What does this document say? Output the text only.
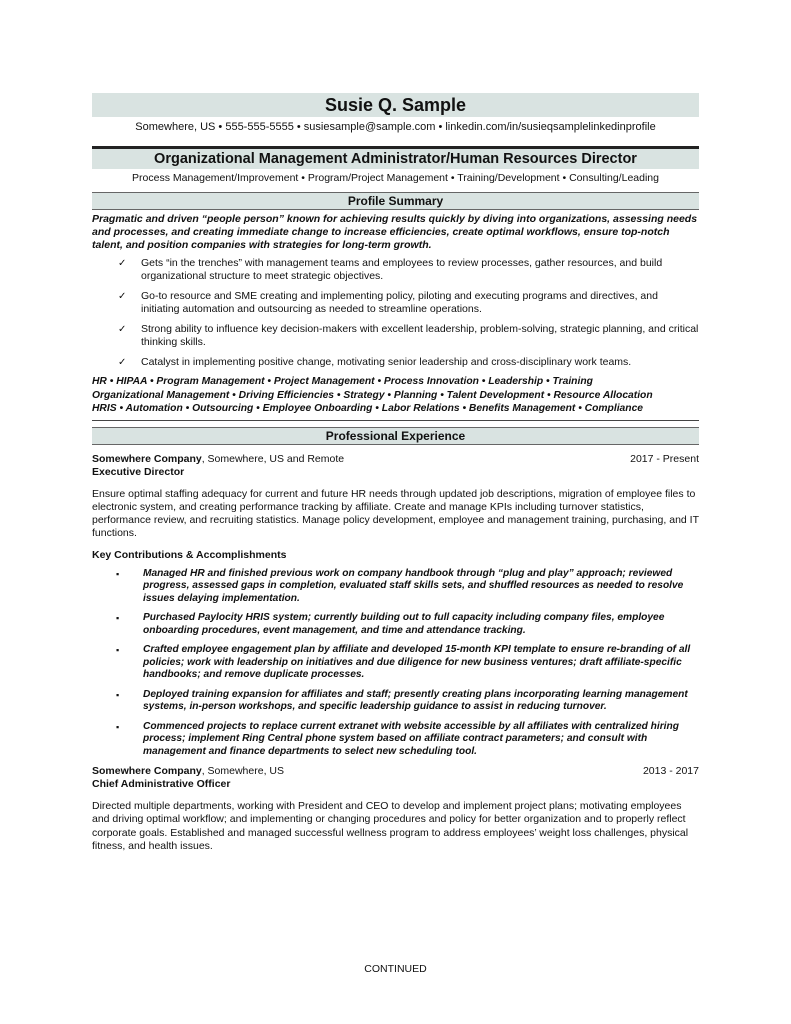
Susie Q. Sample
Somewhere, US • 555-555-5555 • susiesample@sample.com • linkedin.com/in/susieqsamplelinkedinprofile
Organizational Management Administrator/Human Resources Director
Process Management/Improvement • Program/Project Management • Training/Development • Consulting/Leading
Profile Summary
Pragmatic and driven “people person” known for achieving results quickly by diving into organizations, assessing needs and processes, and creating immediate change to increase efficiencies, create optimal workflows, ensure top-notch talent, and position companies with strategies for long-term growth.
✓ Gets “in the trenches” with management teams and employees to review processes, gather resources, and build organizational structure to meet strategic objectives.
✓ Go-to resource and SME creating and implementing policy, piloting and executing programs and directives, and initiating automation and outsourcing as needed to streamline operations.
✓ Strong ability to influence key decision-makers with excellent leadership, problem-solving, strategic planning, and critical thinking skills.
✓ Catalyst in implementing positive change, motivating senior leadership and cross-disciplinary work teams.
HR • HIPAA • Program Management • Project Management • Process Innovation • Leadership • Training
Organizational Management • Driving Efficiencies • Strategy • Planning • Talent Development • Resource Allocation
HRIS • Automation • Outsourcing • Employee Onboarding • Labor Relations • Benefits Management • Compliance
Professional Experience
Somewhere Company, Somewhere, US and Remote	2017 - Present
Executive Director
Ensure optimal staffing adequacy for current and future HR needs through updated job descriptions, migration of employee files to electronic system, and creating performance tracking by affiliate. Create and manage KPIs including turnover statistics, performance review, and recruiting statistics. Manage policy development, employee and management training, purchasing, and IT functions.
Key Contributions & Accomplishments
▪ Managed HR and finished previous work on company handbook through “plug and play” approach; reviewed progress, assessed gaps in completion, evaluated staff skills sets, and shuffled resources as needed to resolve issues delaying implementation.
▪ Purchased Paylocity HRIS system; currently building out to full capacity including company files, employee onboarding procedures, event management, and time and attendance tracking.
▪ Crafted employee engagement plan by affiliate and developed 15-month KPI template to ensure re-branding of all policies; work with leadership on initiatives and due diligence for new business ventures; draft affiliate-specific handbooks; and remove duplicate processes.
▪ Deployed training expansion for affiliates and staff; presently creating plans incorporating learning management systems, in-person workshops, and specific leadership guidance to assist in reducing turnover.
▪ Commenced projects to replace current extranet with website accessible by all affiliates with centralized hiring process; implement Ring Central phone system based on affiliate contract parameters; and consult with management and finance departments to select new scheduling tool.
Somewhere Company, Somewhere, US	2013 - 2017
Chief Administrative Officer
Directed multiple departments, working with President and CEO to develop and implement project plans; motivating employees and driving optimal workflow; and implementing or changing procedures and policy for better organization and to properly reflect corporate goals. Established and managed successful wellness program to address employees’ weight loss challenges, physical fitness, and health issues.
CONTINUED
